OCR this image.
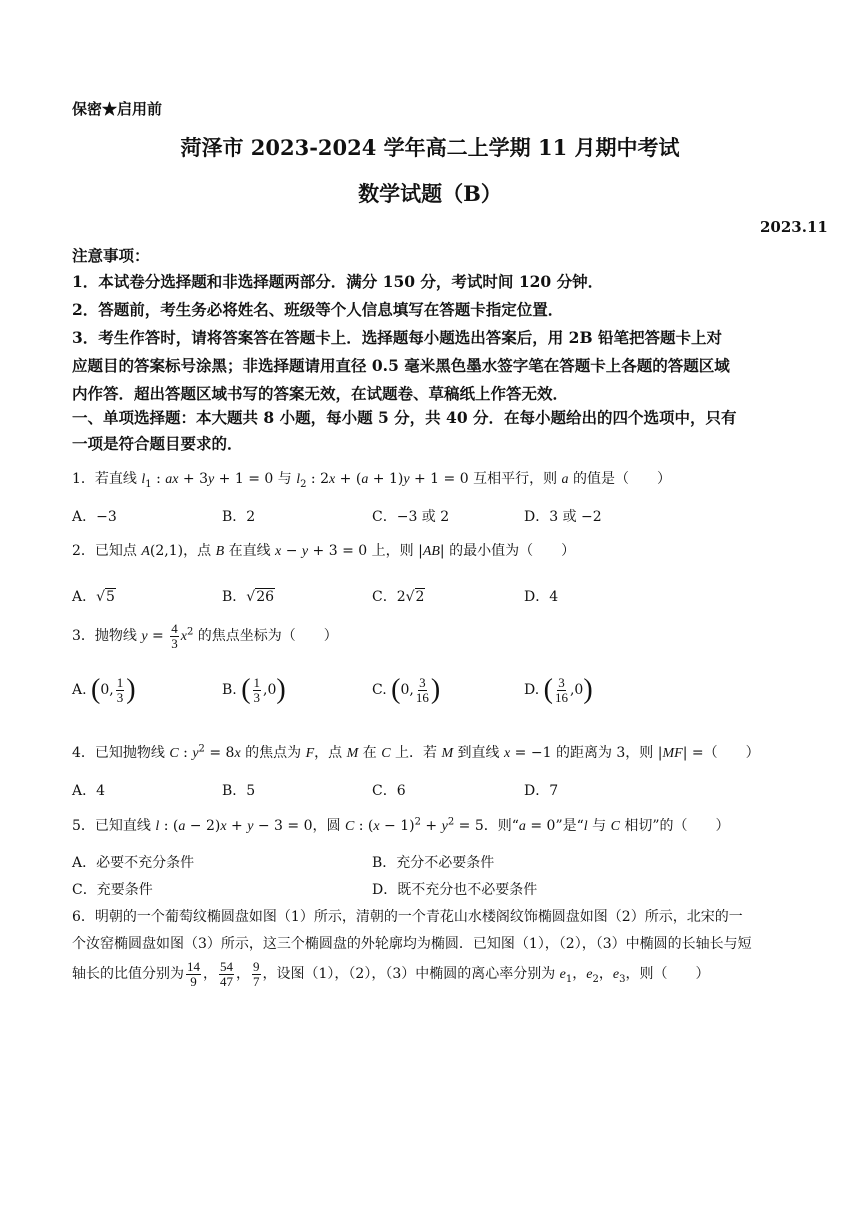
保密★启用前
菏泽市 2023-2024 学年高二上学期 11 月期中考试
数学试题（B）
2023.11
注意事项：
1．本试卷分选择题和非选择题两部分．满分 150 分，考试时间 120 分钟．
2．答题前，考生务必将姓名、班级等个人信息填写在答题卡指定位置．
3．考生作答时，请将答案答在答题卡上．选择题每小题选出答案后，用 2B 铅笔把答题卡上对
应题目的答案标号涂黑；非选择题请用直径 0.5 毫米黑色墨水签字笔在答题卡上各题的答题区域
内作答．超出答题区域书写的答案无效，在试题卷、草稿纸上作答无效．
一、单项选择题：本大题共 8 小题，每小题 5 分，共 40 分．在每小题给出的四个选项中，只有
一项是符合题目要求的．
1．若直线 $l_1$ : ax + 3y + 1 = 0 与 $l_2$ : 2x + (a + 1)y + 1 = 0 互相平行，则 a 的值是（　　）
A．−3	B．2	C．−3 或 2	D．3 或 −2
2．已知点 A(2,1)，点 B 在直线 x − y + 3 = 0 上，则 |AB| 的最小值为（　　）
A．√5	B．√26	C．2√2	D．4
3．抛物线 $y = \frac{4}{3} x^2$ 的焦点坐标为（　　）
A. (0, $\frac{1}{3}$ )	B. ( $\frac{1}{3} ,0$)	C. (0, $\frac{3}{16}$ )	D. ( $\frac{3}{16} ,0$)
4．已知抛物线 C : $y^2 = 8x$ 的焦点为 F，点 M 在 C 上．若 M 到直线 x = −1 的距离为 3，则 |MF| =（　　）
A．4	B．5	C．6	D．7
5．已知直线 l : (a − 2)x + y − 3 = 0，圆 C : $(x - 1)^2 + y^2 = 5$．则“a = 0”是“l 与 C 相切”的（　　）
A．必要不充分条件	B．充分不必要条件
C．充要条件	D．既不充分也不必要条件
6．明朝的一个葡萄纹椭圆盘如图（1）所示，清朝的一个青花山水楼阁纹饰椭圆盘如图（2）所示，北宋的一
个汝窑椭圆盘如图（3）所示，这三个椭圆盘的外轮廓均为椭圆．已知图（1），（2），（3）中椭圆的长轴长与短
轴长的比值分别为 $\frac{14}{9}$ ， $\frac{54}{47}$ ， $\frac{9}{7}$ ，设图（1），（2），（3）中椭圆的离心率分别为 $e_1$，$e_2$，$e_3$，则（　　）
